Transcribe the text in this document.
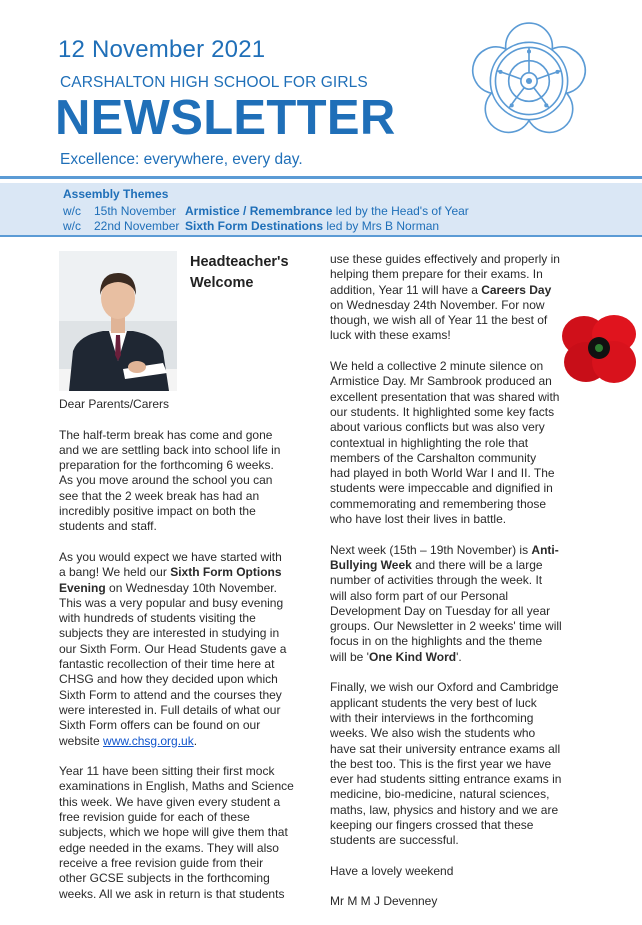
12 November 2021
CARSHALTON HIGH SCHOOL FOR GIRLS
NEWSLETTER
Excellence: everywhere, every day.
Assembly Themes
w/c 15th November Armistice / Remembrance led by the Head's of Year
w/c 22nd November Sixth Form Destinations led by Mrs B Norman
Headteacher's
Welcome

Dear Parents/Carers

The half-term break has come and gone
and we are settling back into school life in
preparation for the forthcoming 6 weeks.
As you move around the school you can
see that the 2 week break has had an
incredibly positive impact on both the
students and staff.

As you would expect we have started with
a bang! We held our Sixth Form Options
Evening on Wednesday 10th November.
This was a very popular and busy evening
with hundreds of students visiting the
subjects they are interested in studying in
our Sixth Form. Our Head Students gave a
fantastic recollection of their time here at
CHSG and how they decided upon which
Sixth Form to attend and the courses they
were interested in. Full details of what our
Sixth Form offers can be found on our
website www.chsg.org.uk.

Year 11 have been sitting their first mock
examinations in English, Maths and Science
this week. We have given every student a
free revision guide for each of these
subjects, which we hope will give them that
edge needed in the exams. They will also
receive a free revision guide from their
other GCSE subjects in the forthcoming
weeks. All we ask in return is that students

use these guides effectively and properly in
helping them prepare for their exams. In
addition, Year 11 will have a Careers Day
on Wednesday 24th November. For now
though, we wish all of Year 11 the best of
luck with these exams!

We held a collective 2 minute silence on
Armistice Day. Mr Sambrook produced an
excellent presentation that was shared with
our students. It highlighted some key facts
about various conflicts but was also very
contextual in highlighting the role that
members of the Carshalton community
had played in both World War I and II. The
students were impeccable and dignified in
commemorating and remembering those
who have lost their lives in battle.

Next week (15th – 19th November) is Anti-
Bullying Week and there will be a large
number of activities through the week. It
will also form part of our Personal
Development Day on Tuesday for all year
groups. Our Newsletter in 2 weeks' time will
focus in on the highlights and the theme
will be 'One Kind Word'.

Finally, we wish our Oxford and Cambridge
applicant students the very best of luck
with their interviews in the forthcoming
weeks. We also wish the students who
have sat their university entrance exams all
the best too. This is the first year we have
ever had students sitting entrance exams in
medicine, bio-medicine, natural sciences,
maths, law, physics and history and we are
keeping our fingers crossed that these
students are successful.

Have a lovely weekend

Mr M M J Devenney
